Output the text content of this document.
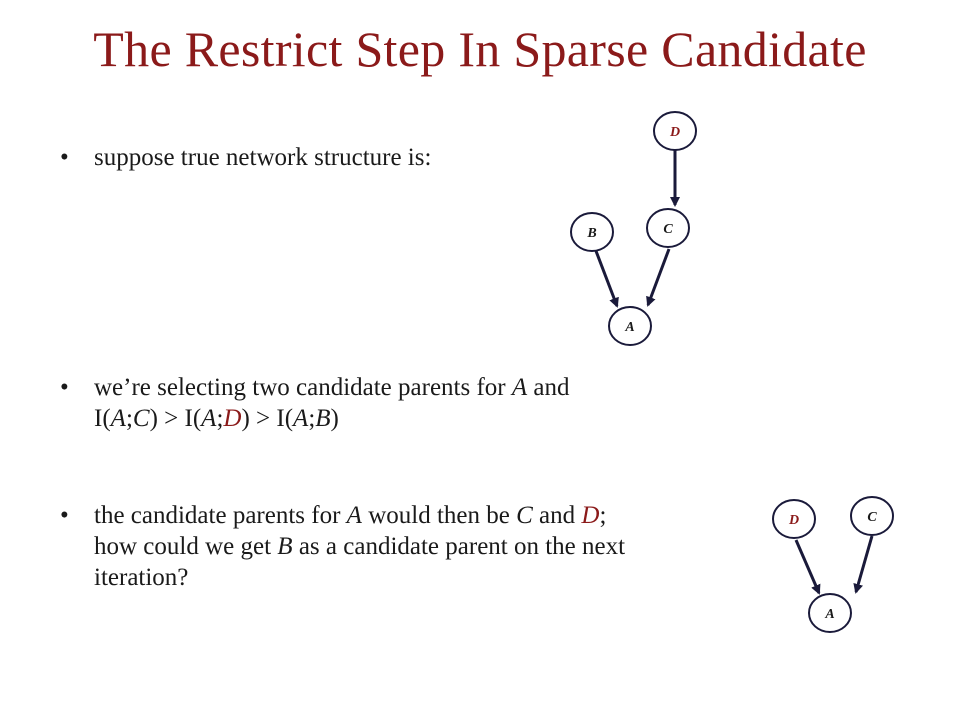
The Restrict Step In Sparse Candidate
• suppose true network structure is:
• we’re selecting two candidate parents for A and
I(A;C) > I(A;D) > I(A;B)
• the candidate parents for A would then be C and D;
how could we get B as a candidate parent on the next
iteration?
D
B	C
A
D	C
A
